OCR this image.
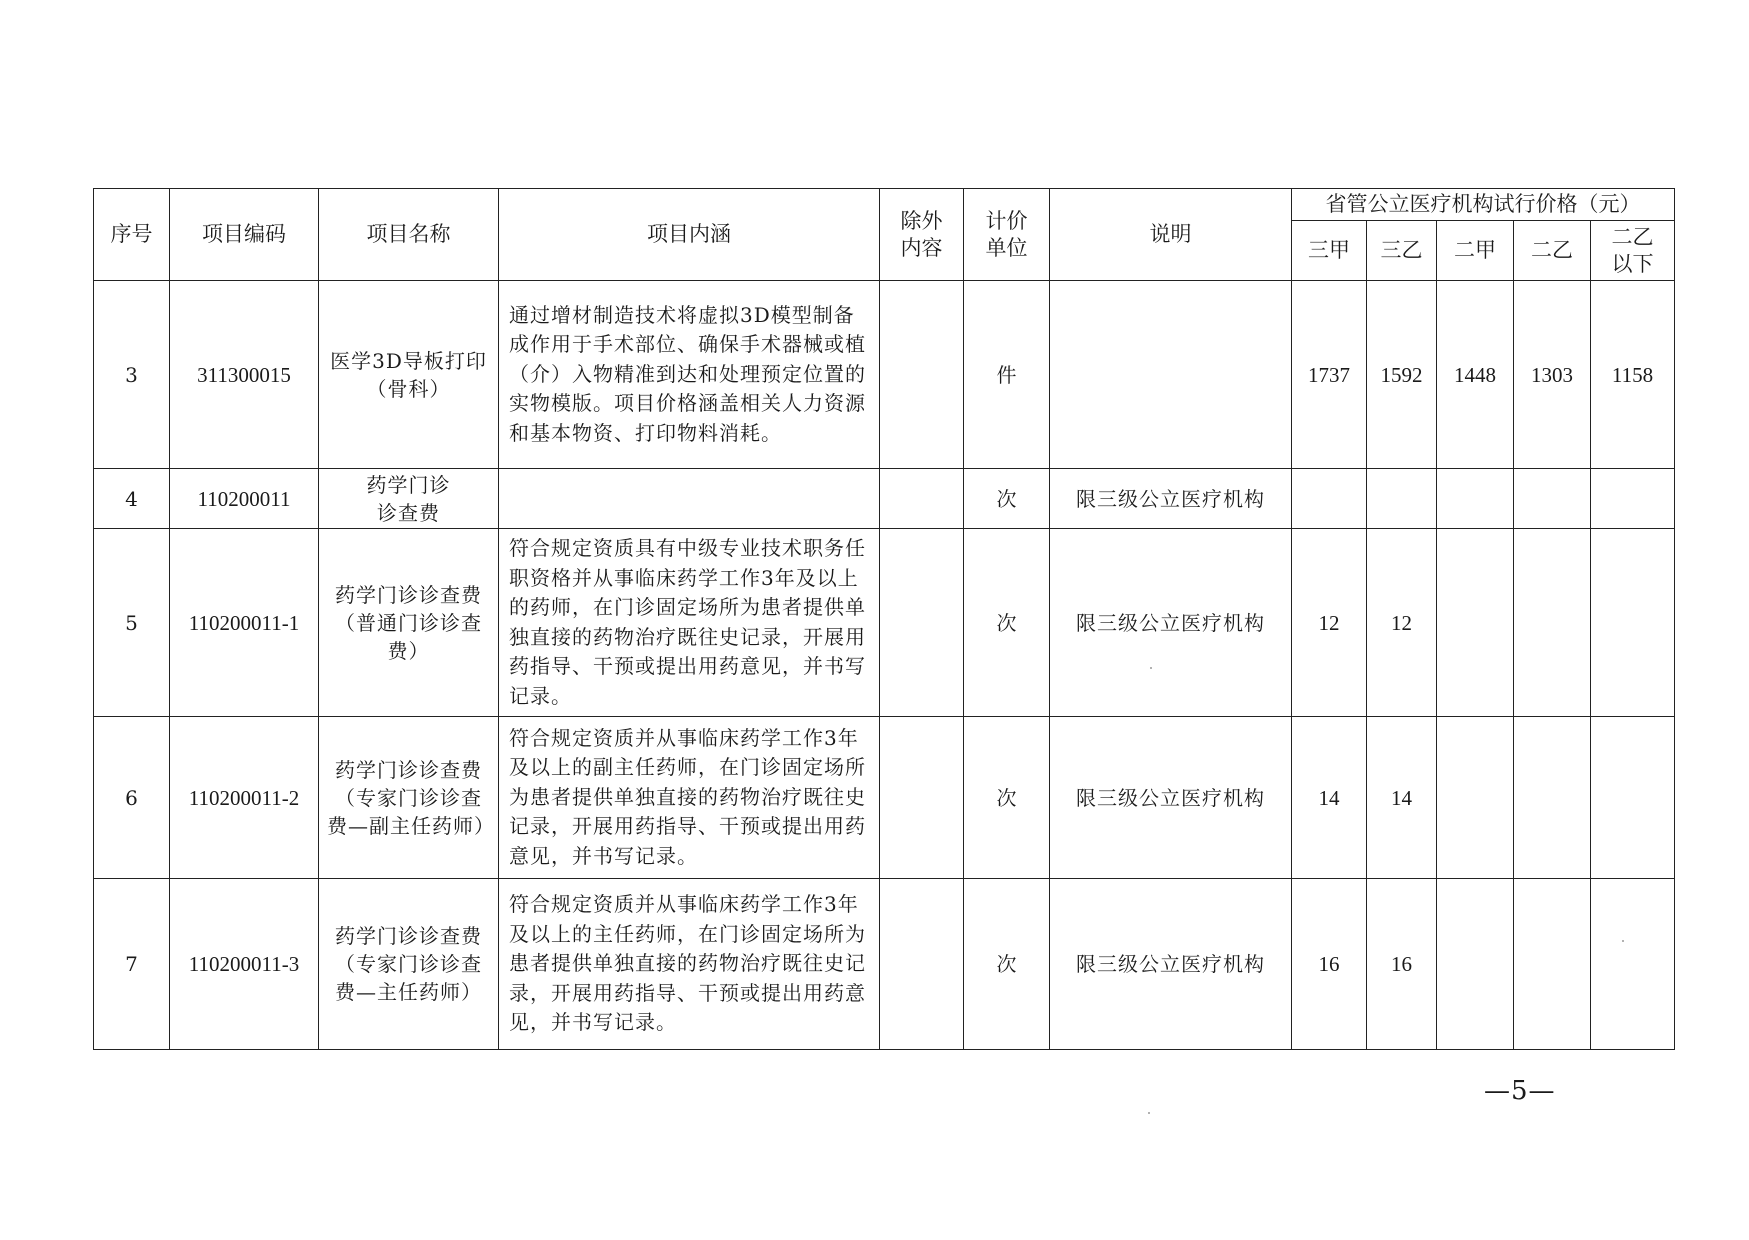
序号	项目编码	项目名称	项目内涵	除外内容	计价单位	说明	省管公立医疗机构试行价格（元）				
							三甲	三乙	二甲	二乙	二乙以下
3	311300015	医学3D导板打印（骨科）	通过增材制造技术将虚拟3D模型制备成作用于手术部位、确保手术器械或植（介）入物精准到达和处理预定位置的实物模版。项目价格涵盖相关人力资源和基本物资、打印物料消耗。		件		1737	1592	1448	1303	1158
4	110200011	药学门诊诊查费			次	限三级公立医疗机构					
5	110200011-1	药学门诊诊查费（普通门诊诊查费）	符合规定资质具有中级专业技术职务任职资格并从事临床药学工作3年及以上的药师，在门诊固定场所为患者提供单独直接的药物治疗既往史记录，开展用药指导、干预或提出用药意见，并书写记录。		次	限三级公立医疗机构	12	12			
6	110200011-2	药学门诊诊查费（专家门诊诊查费—副主任药师）	符合规定资质并从事临床药学工作3年及以上的副主任药师，在门诊固定场所为患者提供单独直接的药物治疗既往史记录，开展用药指导、干预或提出用药意见，并书写记录。		次	限三级公立医疗机构	14	14			
7	110200011-3	药学门诊诊查费（专家门诊诊查费—主任药师）	符合规定资质并从事临床药学工作3年及以上的主任药师，在门诊固定场所为患者提供单独直接的药物治疗既往史记录，开展用药指导、干预或提出用药意见，并书写记录。		次	限三级公立医疗机构	16	16			
—5—
